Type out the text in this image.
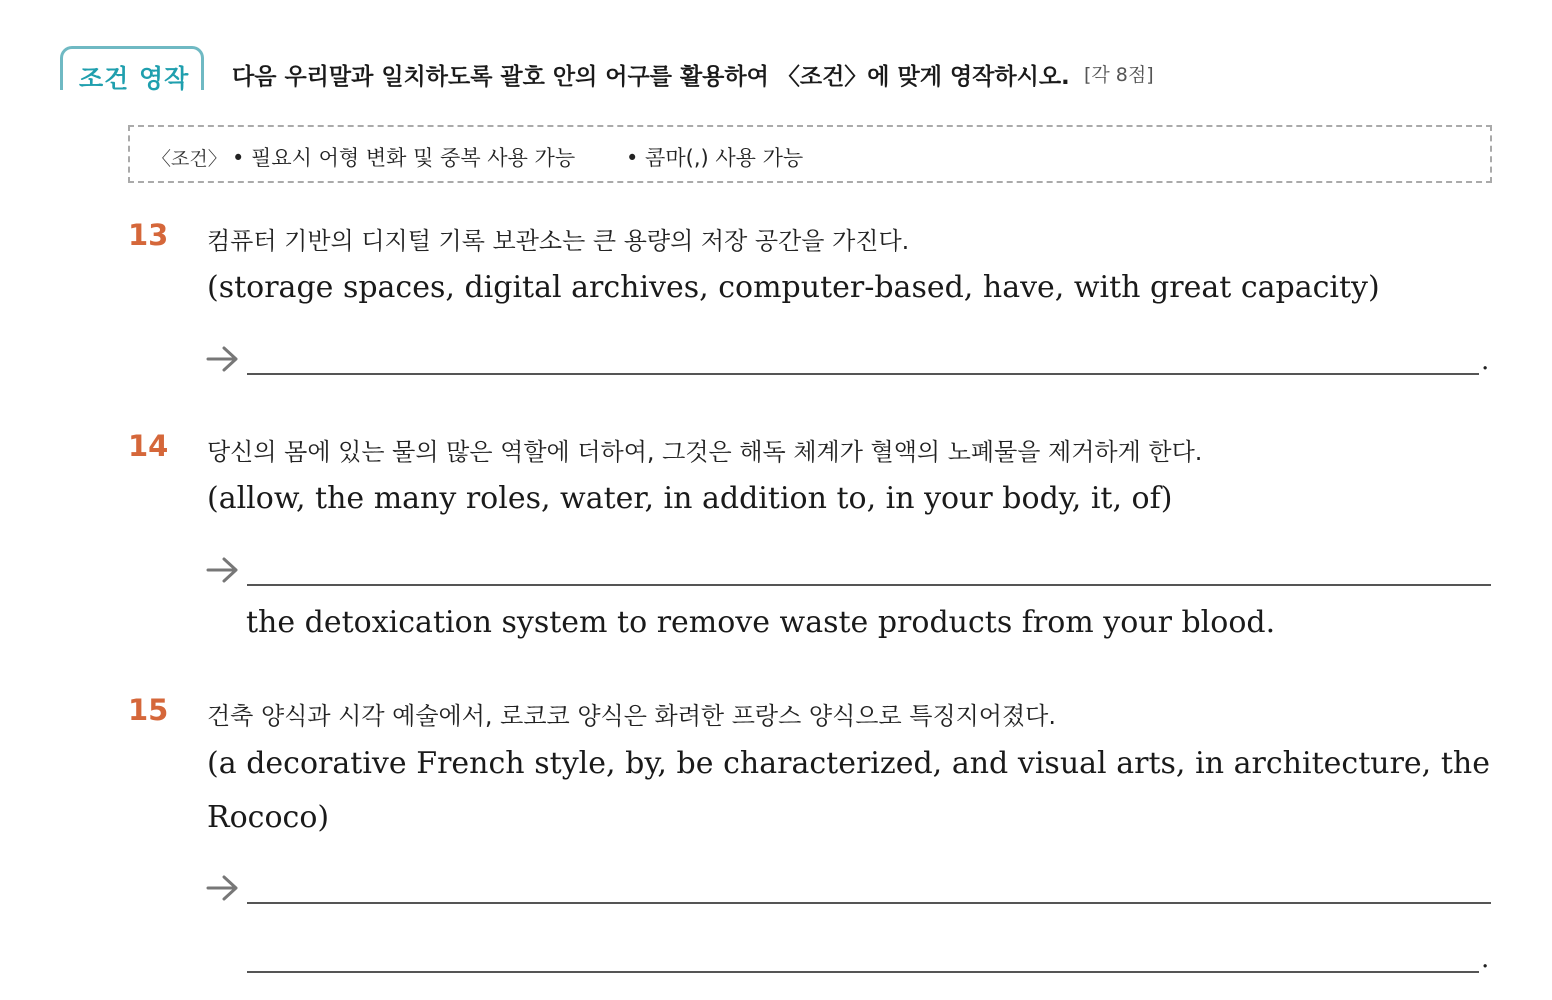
조건 영작 다음 우리말과 일치하도록 괄호 안의 어구를 활용하여 〈조건〉에 맞게 영작하시오. [각 8점]
〈조건〉 • 필요시 어형 변화 및 중복 사용 가능 • 콤마(,) 사용 가능
13 컴퓨터 기반의 디지털 기록 보관소는 큰 용량의 저장 공간을 가진다.
(storage spaces, digital archives, computer-based, have, with great capacity)
.
14 당신의 몸에 있는 물의 많은 역할에 더하여, 그것은 해독 체계가 혈액의 노폐물을 제거하게 한다.
(allow, the many roles, water, in addition to, in your body, it, of)
the detoxication system to remove waste products from your blood.
15 건축 양식과 시각 예술에서, 로코코 양식은 화려한 프랑스 양식으로 특징지어졌다.
(a decorative French style, by, be characterized, and visual arts, in architecture, the Rococo)
.
